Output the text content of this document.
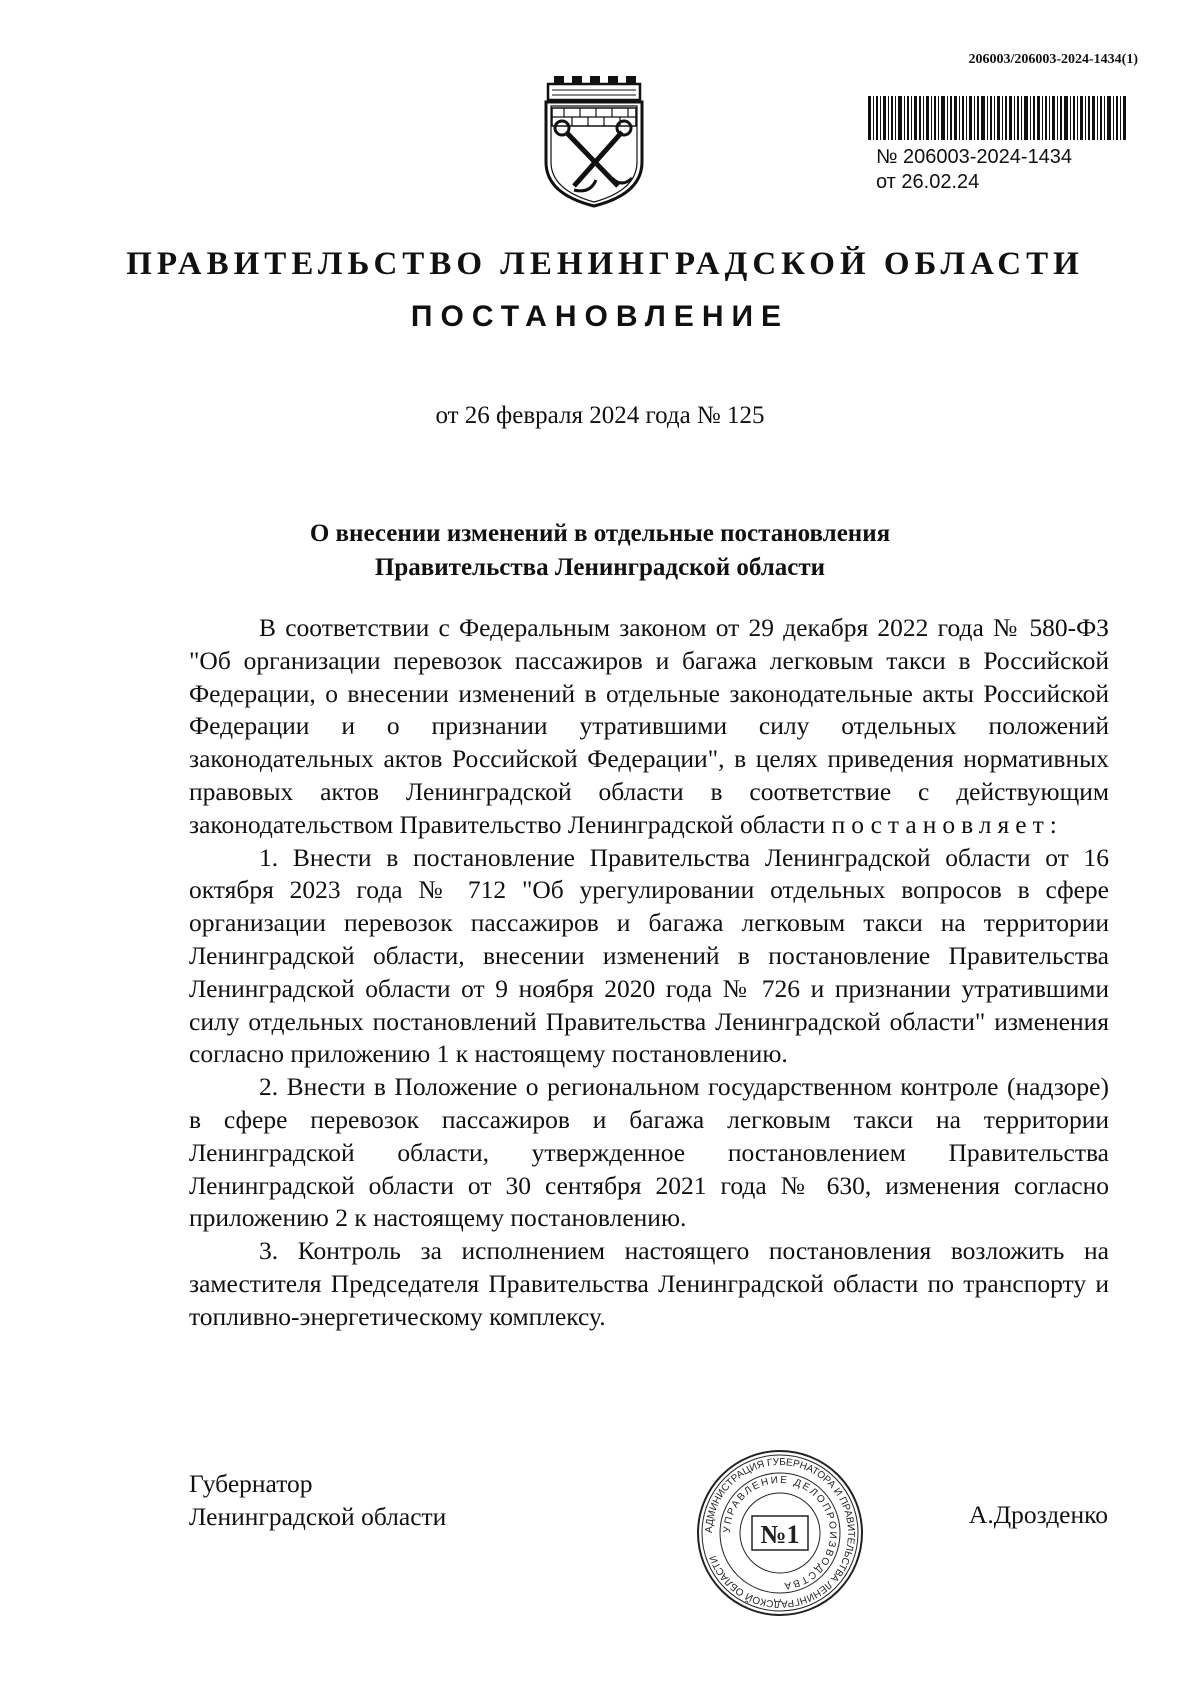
206003/206003-2024-1434(1)
№ 206003-2024-1434
от 26.02.24
ПРАВИТЕЛЬСТВО ЛЕНИНГРАДСКОЙ ОБЛАСТИ
ПОСТАНОВЛЕНИЕ
от 26 февраля 2024 года № 125
О внесении изменений в отдельные постановления
Правительства Ленинградской области

В соответствии с Федеральным законом от 29 декабря 2022 года № 580-ФЗ "Об организации перевозок пассажиров и багажа легковым такси в Российской Федерации, о внесении изменений в отдельные законодательные акты Российской Федерации и о признании утратившими силу отдельных положений законодательных актов Российской Федерации", в целях приведения нормативных правовых актов Ленинградской области в соответствие с действующим законодательством Правительство Ленинградской области постановляет:

1. Внести в постановление Правительства Ленинградской области от 16 октября 2023 года № 712 "Об урегулировании отдельных вопросов в сфере организации перевозок пассажиров и багажа легковым такси на территории Ленинградской области, внесении изменений в постановление Правительства Ленинградской области от 9 ноября 2020 года № 726 и признании утратившими силу отдельных постановлений Правительства Ленинградской области" изменения согласно приложению 1 к настоящему постановлению.

2. Внести в Положение о региональном государственном контроле (надзоре) в сфере перевозок пассажиров и багажа легковым такси на территории Ленинградской области, утвержденное постановлением Правительства Ленинградской области от 30 сентября 2021 года № 630, изменения согласно приложению 2 к настоящему постановлению.

3. Контроль за исполнением настоящего постановления возложить на заместителя Председателя Правительства Ленинградской области по транспорту и топливно-энергетическому комплексу.

Губернатор
Ленинградской области	АДМИНИСТРАЦИЯ ГУБЕРНАТОРА И ПРАВИТЕЛЬСТВА ЛЕНИНГРАДСКОЙ ОБЛАСТИ
УПРАВЛЕНИЕ ДЕЛОПРОИЗВОДСТВА
№1
А.Дрозденко
